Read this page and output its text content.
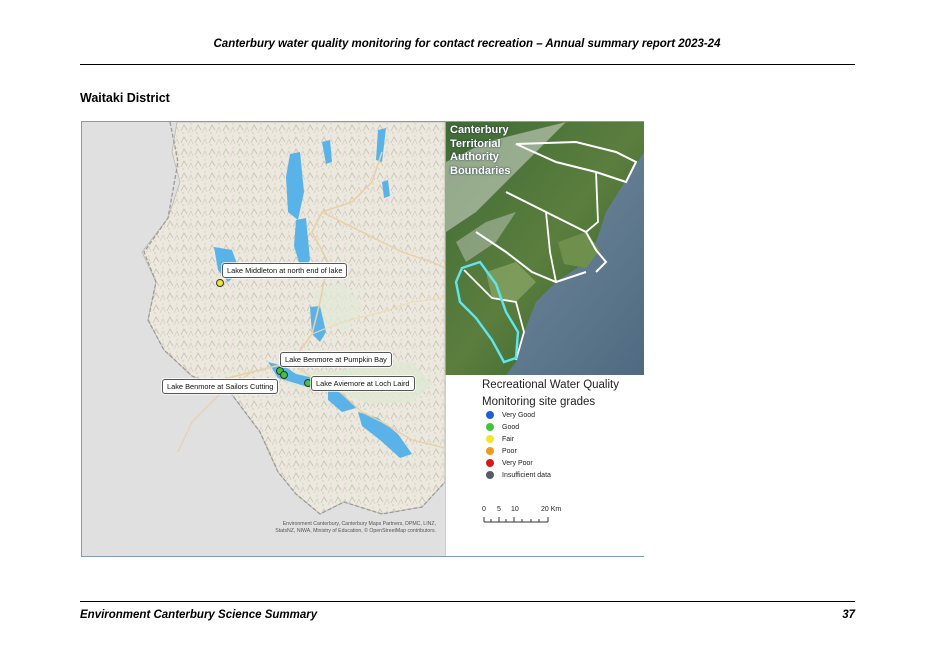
Canterbury water quality monitoring for contact recreation – Annual summary report 2023-24
Waitaki District
Lake Middleton at north end of lake
Lake Benmore at Pumpkin Bay
Lake Benmore at Sailors Cutting	Lake Aviemore at Loch Laird
Environment Canterbury, Canterbury Maps Partners, DPMC, LINZ, StatsNZ, NIWA, Ministry of Education, © OpenStreetMap contributors.
Canterbury
Territorial
Authority
Boundaries
Recreational Water Quality
Monitoring site grades
Very Good
Good
Fair
Poor
Very Poor
Insufficient data
0 5 10	20 Km
Environment Canterbury Science Summary	37
